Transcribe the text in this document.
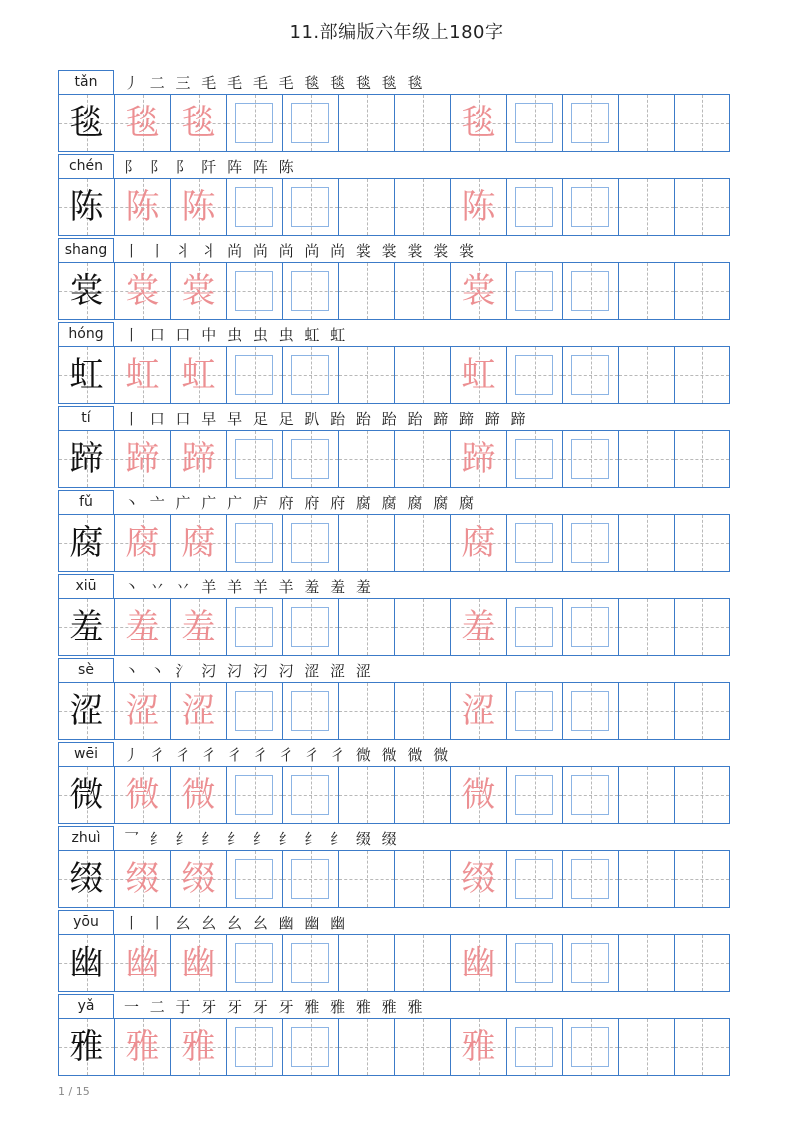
11.部编版六年级上180字
tǎn	丿 二 三 毛 毛 毛 毛 毯 毯 毯 毯 毯
毯 毯 毯	毯
chén	阝 阝 阝 阡 阵 阵 陈
陈 陈 陈	陈
shang	丨 丨 丬 丬 尚 尚 尚 尚 尚 裳 裳 裳 裳 裳
裳 裳 裳	裳
hóng	丨 口 口 中 虫 虫 虫 虹 虹
虹 虹 虹	虹
tí	丨 口 口 早 早 足 足 趴 跆 跆 跆 跆 蹄 蹄 蹄 蹄
蹄 蹄 蹄	蹄
fǔ	丶 亠 广 广 广 庐 府 府 府 腐 腐 腐 腐 腐
腐 腐 腐	腐
xiū	丶 丷 丷 羊 羊 羊 羊 羞 羞 羞
羞 羞 羞	羞
sè	丶 丶 氵 汈 汈 汈 汈 涩 涩 涩
涩 涩 涩	涩
wēi	丿 彳 彳 彳 彳 彳 彳 彳 彳 微 微 微 微
微 微 微	微
zhuì	乛 纟 纟 纟 纟 纟 纟 纟 纟 缀 缀
缀 缀 缀	缀
yōu	丨 丨 幺 幺 幺 幺 幽 幽 幽
幽 幽 幽	幽
yǎ	一 二 于 牙 牙 牙 牙 雅 雅 雅 雅 雅
雅 雅 雅	雅
1 / 15
